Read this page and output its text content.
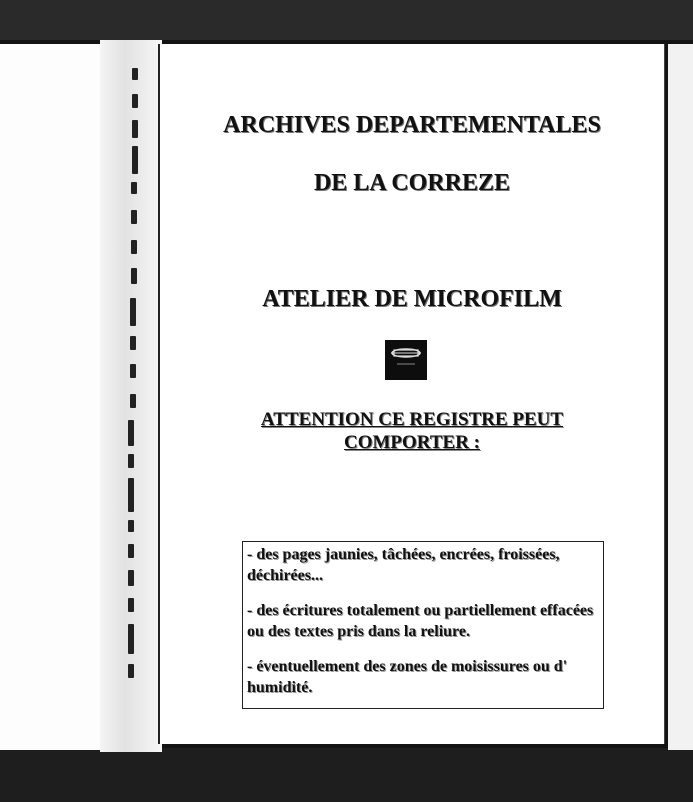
ARCHIVES DEPARTEMENTALES
DE LA CORREZE
ATELIER DE MICROFILM
ATTENTION CE REGISTRE PEUT
COMPORTER :

- des pages jaunies, tâchées, encrées, froissées, déchirées...

- des écritures totalement ou partiellement effacées ou des textes pris dans la reliure.

- éventuellement des zones de moisissures ou d' humidité.
